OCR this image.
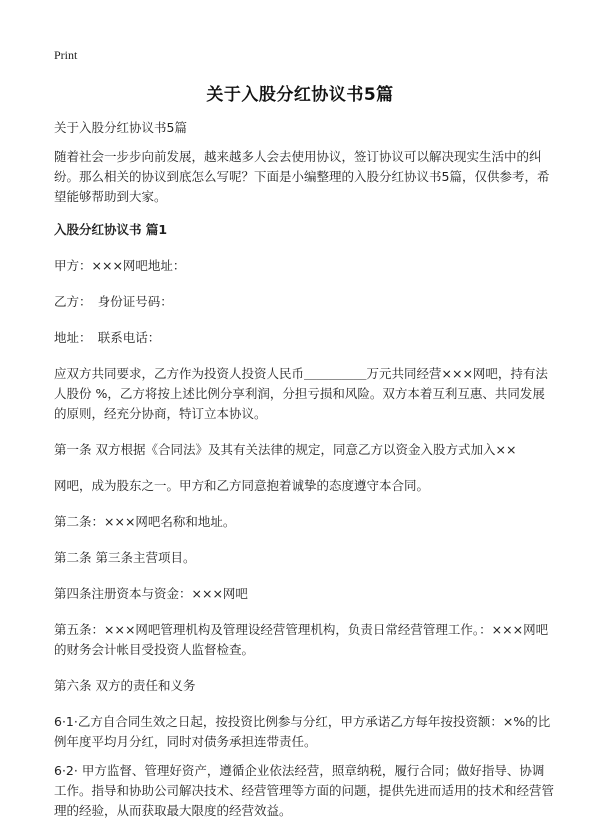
Print
关于入股分红协议书5篇

关于入股分红协议书5篇

随着社会一步步向前发展，越来越多人会去使用协议，签订协议可以解决现实生活中的纠纷。那么相关的协议到底怎么写呢？下面是小编整理的入股分红协议书5篇，仅供参考，希望能够帮助到大家。

入股分红协议书 篇1

甲方：×××网吧地址：

乙方：　身份证号码：

地址：　联系电话：

应双方共同要求，乙方作为投资人投资人民币＿＿＿＿＿万元共同经营×××网吧，持有法人股份 %，乙方将按上述比例分享利润，分担亏损和风险。双方本着互利互惠、共同发展的原则，经充分协商，特订立本协议。

第一条 双方根据《合同法》及其有关法律的规定，同意乙方以资金入股方式加入××

网吧，成为股东之一。甲方和乙方同意抱着诚挚的态度遵守本合同。

第二条：×××网吧名称和地址。

第二条 第三条主营项目。

第四条注册资本与资金：×××网吧

第五条：×××网吧管理机构及管理设经营管理机构，负责日常经营管理工作。：×××网吧的财务会计帐目受投资人监督检查。

第六条 双方的责任和义务

6·1·乙方自合同生效之日起，按投资比例参与分红，甲方承诺乙方每年按投资额：×%的比例年度平均月分红，同时对债务承担连带责任。

6·2· 甲方监督、管理好资产，遵循企业依法经营，照章纳税，履行合同；做好指导、协调工作。指导和协助公司解决技术、经营管理等方面的问题，提供先进而适用的技术和经营管理的经验，从而获取最大限度的经营效益。
